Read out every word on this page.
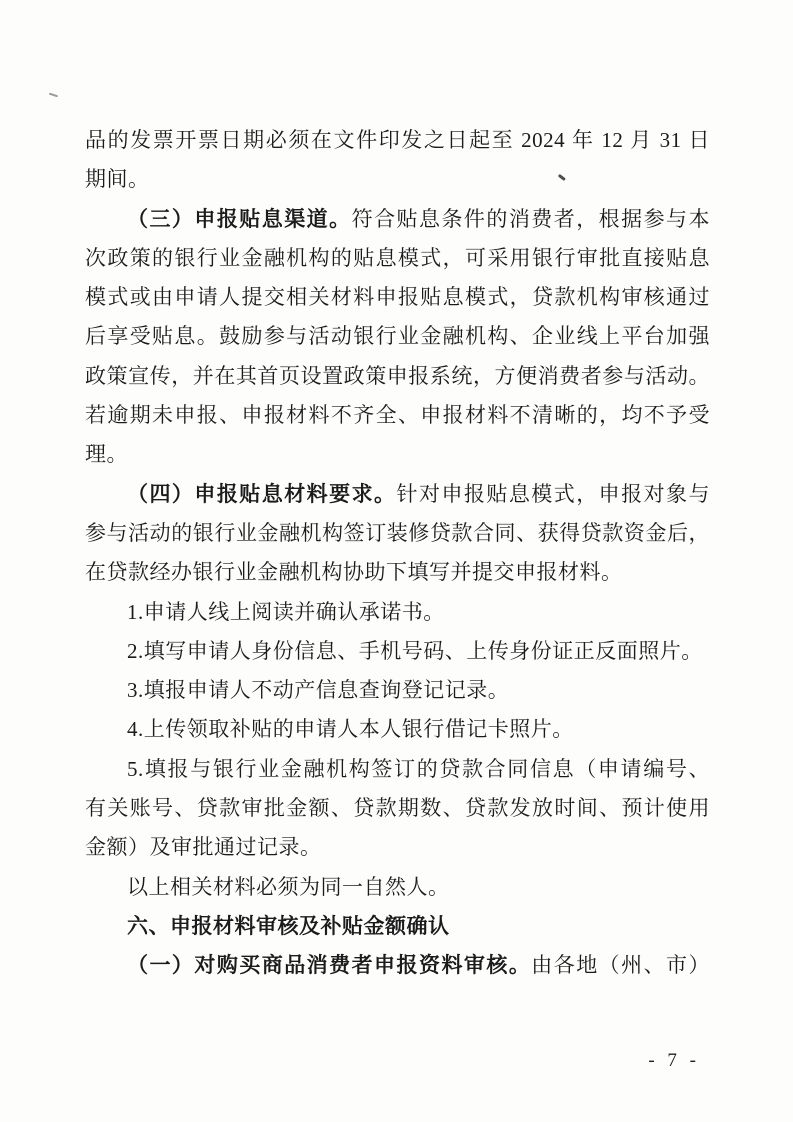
品的发票开票日期必须在文件印发之日起至 2024 年 12 月 31 日
期间。
（三）申报贴息渠道。符合贴息条件的消费者，根据参与本
次政策的银行业金融机构的贴息模式，可采用银行审批直接贴息
模式或由申请人提交相关材料申报贴息模式，贷款机构审核通过
后享受贴息。鼓励参与活动银行业金融机构、企业线上平台加强
政策宣传，并在其首页设置政策申报系统，方便消费者参与活动。
若逾期未申报、申报材料不齐全、申报材料不清晰的，均不予受
理。
（四）申报贴息材料要求。针对申报贴息模式，申报对象与
参与活动的银行业金融机构签订装修贷款合同、获得贷款资金后，
在贷款经办银行业金融机构协助下填写并提交申报材料。
1.申请人线上阅读并确认承诺书。
2.填写申请人身份信息、手机号码、上传身份证正反面照片。
3.填报申请人不动产信息查询登记记录。
4.上传领取补贴的申请人本人银行借记卡照片。
5.填报与银行业金融机构签订的贷款合同信息（申请编号、
有关账号、贷款审批金额、贷款期数、贷款发放时间、预计使用
金额）及审批通过记录。
以上相关材料必须为同一自然人。
六、申报材料审核及补贴金额确认
（一）对购买商品消费者申报资料审核。由各地（州、市）
- 7 -
